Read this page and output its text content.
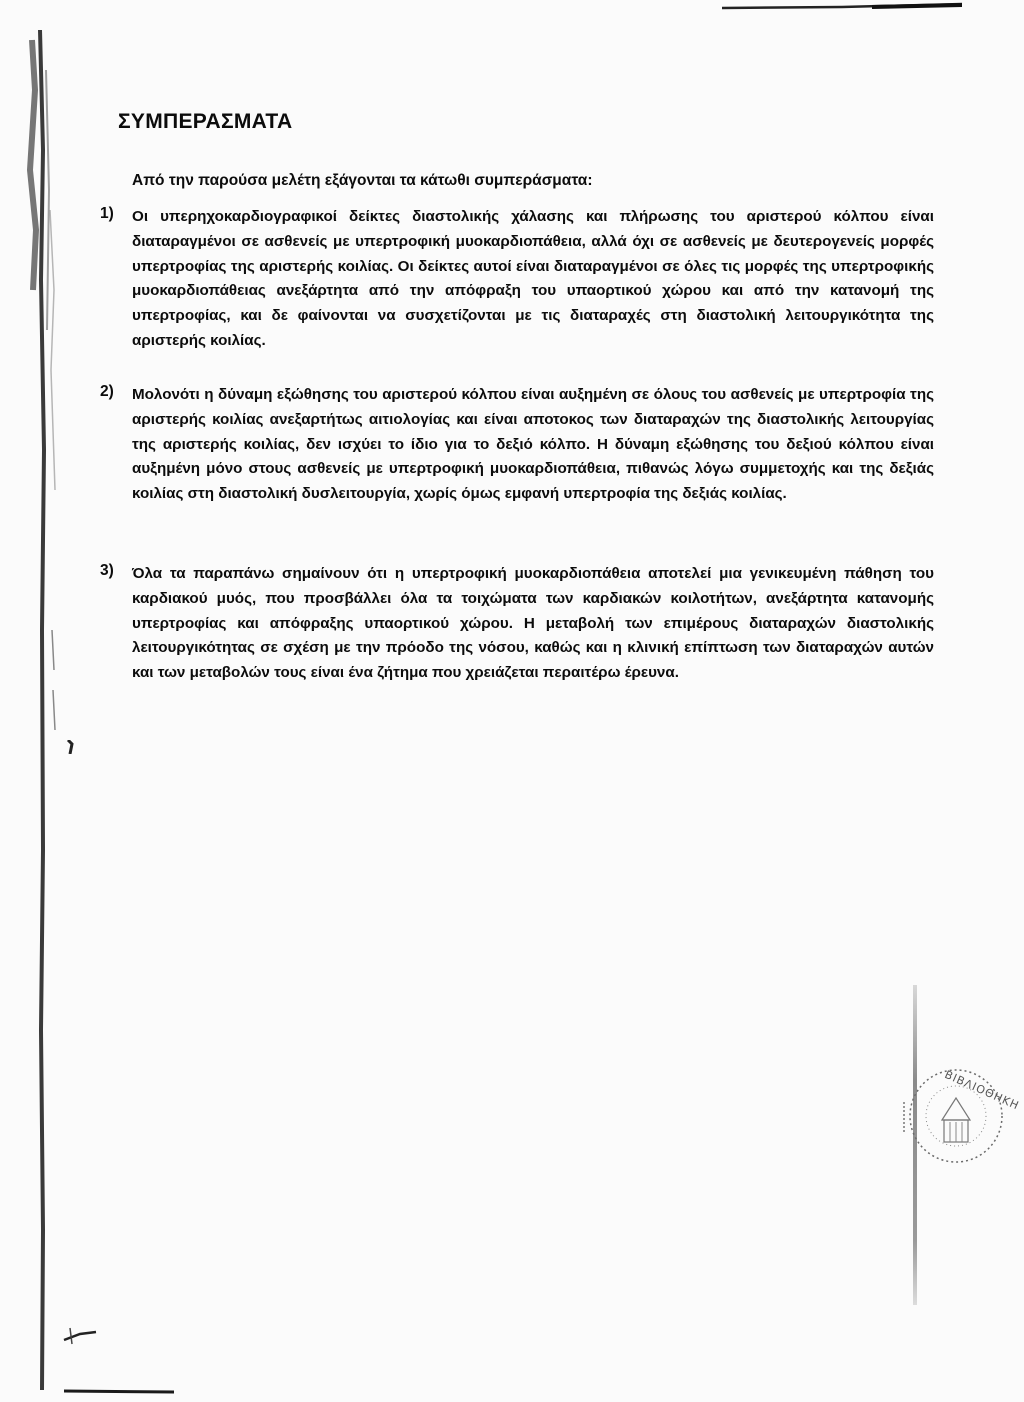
ΣΥΜΠΕΡΑΣΜΑΤΑ
Από την παρούσα μελέτη εξάγονται τα κάτωθι συμπεράσματα:
1)	Οι υπερηχοκαρδιογραφικοί δείκτες διαστολικής χάλασης και πλήρωσης του αριστερού κόλπου είναι διαταραγμένοι σε ασθενείς με υπερτροφική μυοκαρδιοπάθεια, αλλά όχι σε ασθενείς με δευτερογενείς μορφές υπερτροφίας της αριστερής κοιλίας. Οι δείκτες αυτοί είναι διαταραγμένοι σε όλες τις μορφές της υπερτροφικής μυοκαρδιοπάθειας ανεξάρτητα από την απόφραξη του υπαορτικού χώρου και από την κατανομή της υπερτροφίας, και δε φαίνονται να συσχετίζονται με τις διαταραχές στη διαστολική λειτουργικότητα της αριστερής κοιλίας.
2)	Μολονότι η δύναμη εξώθησης του αριστερού κόλπου είναι αυξημένη σε όλους του ασθενείς με υπερτροφία της αριστερής κοιλίας ανεξαρτήτως αιτιολογίας και είναι αποτοκος των διαταραχών της διαστολικής λειτουργίας της αριστερής κοιλίας, δεν ισχύει το ίδιο για το δεξιό κόλπο. Η δύναμη εξώθησης του δεξιού κόλπου είναι αυξημένη μόνο στους ασθενείς με υπερτροφική μυοκαρδιοπάθεια, πιθανώς λόγω συμμετοχής και της δεξιάς κοιλίας στη διαστολική δυσλειτουργία, χωρίς όμως εμφανή υπερτροφία της δεξιάς κοιλίας.
3)	Όλα τα παραπάνω σημαίνουν ότι η υπερτροφική μυοκαρδιοπάθεια αποτελεί μια γενικευμένη πάθηση του καρδιακού μυός, που προσβάλλει όλα τα τοιχώματα των καρδιακών κοιλοτήτων, ανεξάρτητα κατανομής υπερτροφίας και απόφραξης υπαορτικού χώρου. Η μεταβολή των επιμέρους διαταραχών διαστολικής λειτουργικότητας σε σχέση με την πρόοδο της νόσου, καθώς και η κλινική επίπτωση των διαταραχών αυτών και των μεταβολών τους είναι ένα ζήτημα που χρειάζεται περαιτέρω έρευνα.
ΒΙΒΛΙΟΘΗΚΗ
